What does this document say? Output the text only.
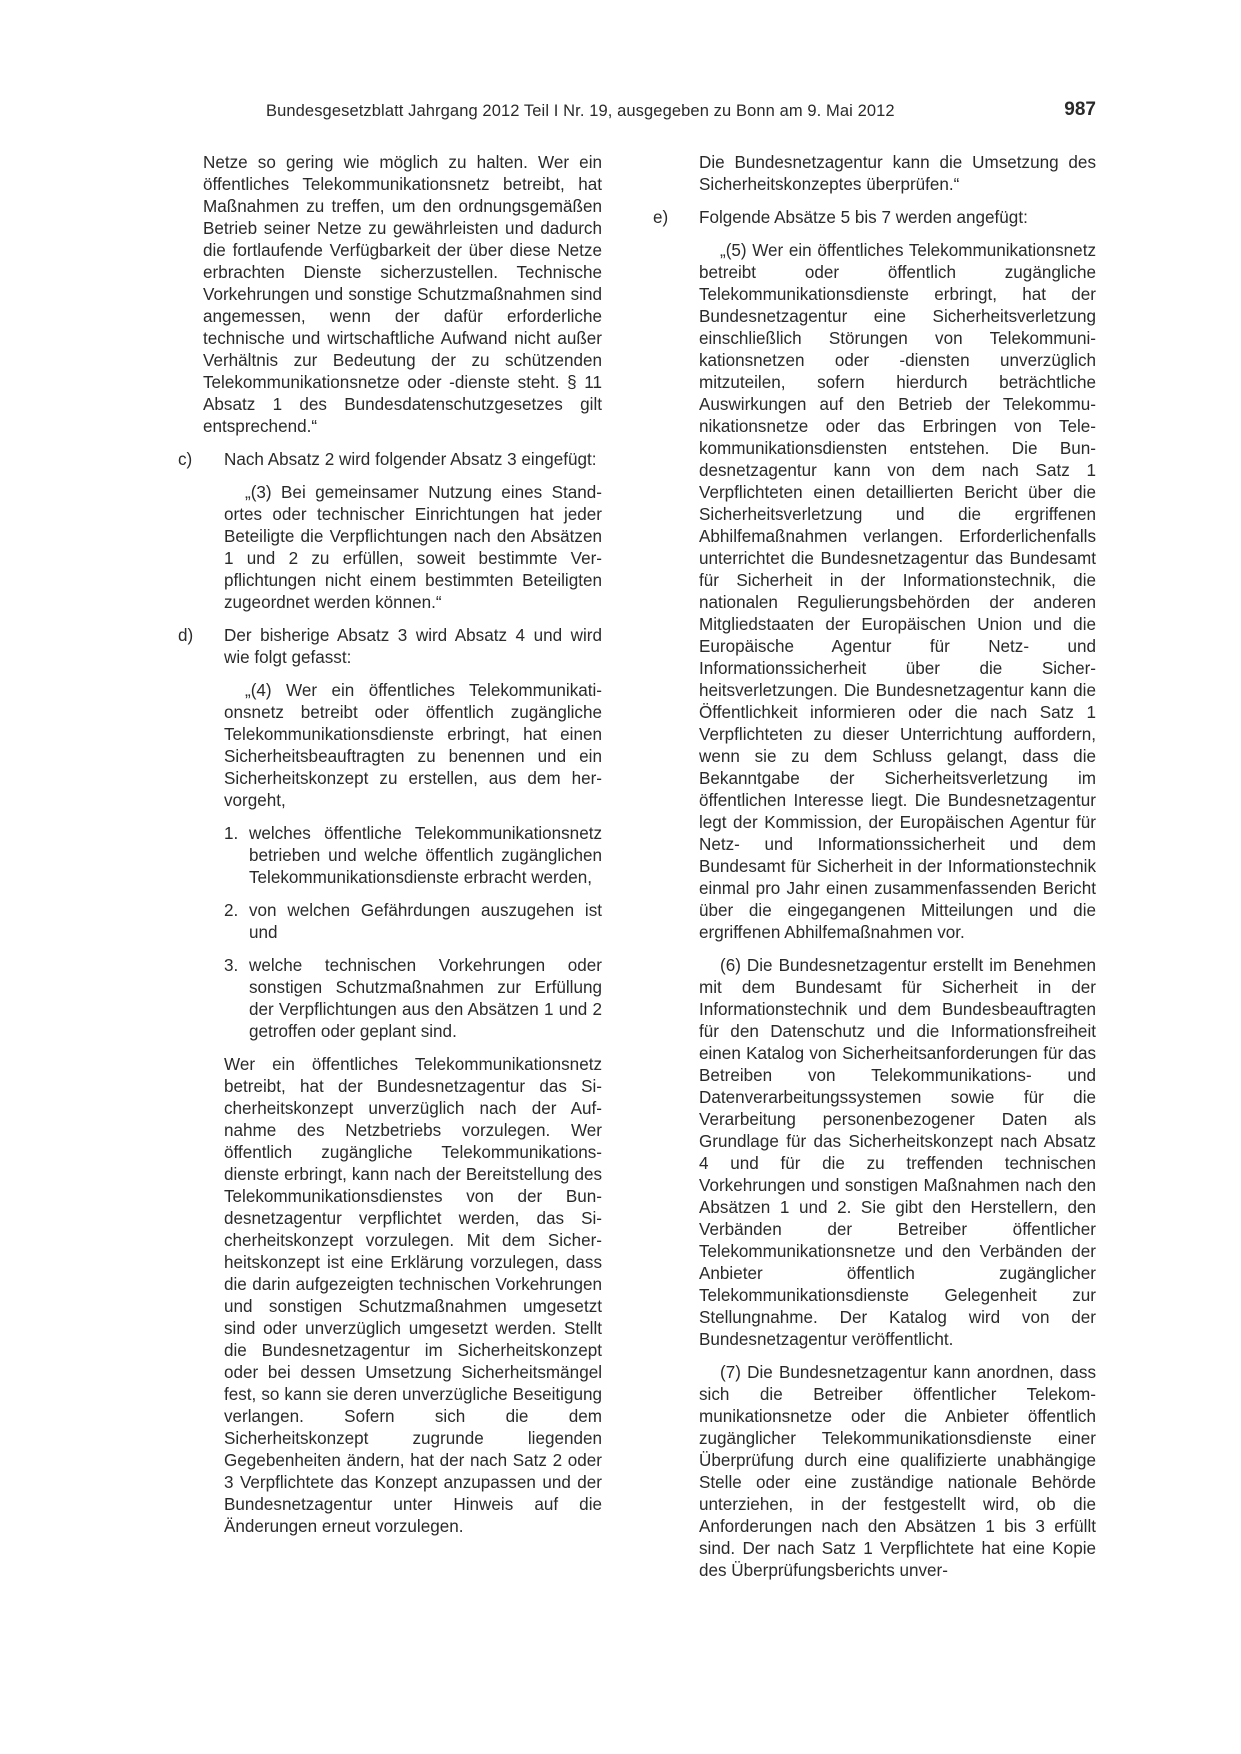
Bundesgesetzblatt Jahrgang 2012 Teil I Nr. 19, ausgegeben zu Bonn am 9. Mai 2012	987

Netze so gering wie möglich zu halten. Wer ein öffentliches Telekommunikationsnetz betreibt, hat Maßnahmen zu treffen, um den ordnungsgemäßen Betrieb seiner Netze zu gewährleisten und dadurch die fortlaufende Verfügbarkeit der über diese Netze erbrachten Dienste sicherzustellen. Technische Vorkehrungen und sonstige Schutzmaßnahmen sind angemessen, wenn der dafür erforderliche technische und wirtschaftliche Aufwand nicht außer Verhältnis zur Bedeutung der zu schützenden Telekommunikationsnetze oder -dienste steht. § 11 Absatz 1 des Bundesdatenschutzgesetzes gilt entsprechend.“

c) Nach Absatz 2 wird folgender Absatz 3 eingefügt:

„(3) Bei gemeinsamer Nutzung eines Standortes oder technischer Einrichtungen hat jeder Beteiligte die Verpflichtungen nach den Absätzen 1 und 2 zu erfüllen, soweit bestimmte Verpflichtungen nicht einem bestimmten Beteiligten zugeordnet werden können.“

d) Der bisherige Absatz 3 wird Absatz 4 und wird wie folgt gefasst:

„(4) Wer ein öffentliches Telekommunikationsnetz betreibt oder öffentlich zugängliche Telekommunikationsdienste erbringt, hat einen Sicherheitsbeauftragten zu benennen und ein Sicherheitskonzept zu erstellen, aus dem hervorgeht,

1. welches öffentliche Telekommunikationsnetz betrieben und welche öffentlich zugänglichen Telekommunikationsdienste erbracht werden,

2. von welchen Gefährdungen auszugehen ist und

3. welche technischen Vorkehrungen oder sonstigen Schutzmaßnahmen zur Erfüllung der Verpflichtungen aus den Absätzen 1 und 2 getroffen oder geplant sind.

Wer ein öffentliches Telekommunikationsnetz betreibt, hat der Bundesnetzagentur das Sicherheitskonzept unverzüglich nach der Aufnahme des Netzbetriebs vorzulegen. Wer öffentlich zugängliche Telekommunikationsdienste erbringt, kann nach der Bereitstellung des Telekommunikationsdienstes von der Bundesnetzagentur verpflichtet werden, das Sicherheitskonzept vorzulegen. Mit dem Sicherheitskonzept ist eine Erklärung vorzulegen, dass die darin aufgezeigten technischen Vorkehrungen und sonstigen Schutzmaßnahmen umgesetzt sind oder unverzüglich umgesetzt werden. Stellt die Bundesnetzagentur im Sicherheitskonzept oder bei dessen Umsetzung Sicherheitsmängel fest, so kann sie deren unverzügliche Beseitigung verlangen. Sofern sich die dem Sicherheitskonzept zugrunde liegenden Gegebenheiten ändern, hat der nach Satz 2 oder 3 Verpflichtete das Konzept anzupassen und der Bundesnetzagentur unter Hinweis auf die Änderungen erneut vorzulegen.

Die Bundesnetzagentur kann die Umsetzung des Sicherheitskonzeptes überprüfen.“

e) Folgende Absätze 5 bis 7 werden angefügt:

„(5) Wer ein öffentliches Telekommunikationsnetz betreibt oder öffentlich zugängliche Telekommunikationsdienste erbringt, hat der Bundesnetzagentur eine Sicherheitsverletzung einschließlich Störungen von Telekommunikationsnetzen oder -diensten unverzüglich mitzuteilen, sofern hierdurch beträchtliche Auswirkungen auf den Betrieb der Telekommunikationsnetze oder das Erbringen von Telekommunikationsdiensten entstehen. Die Bundesnetzagentur kann von dem nach Satz 1 Verpflichteten einen detaillierten Bericht über die Sicherheitsverletzung und die ergriffenen Abhilfemaßnahmen verlangen. Erforderlichenfalls unterrichtet die Bundesnetzagentur das Bundesamt für Sicherheit in der Informationstechnik, die nationalen Regulierungsbehörden der anderen Mitgliedstaaten der Europäischen Union und die Europäische Agentur für Netz- und Informationssicherheit über die Sicherheitsverletzungen. Die Bundesnetzagentur kann die Öffentlichkeit informieren oder die nach Satz 1 Verpflichteten zu dieser Unterrichtung auffordern, wenn sie zu dem Schluss gelangt, dass die Bekanntgabe der Sicherheitsverletzung im öffentlichen Interesse liegt. Die Bundesnetzagentur legt der Kommission, der Europäischen Agentur für Netz- und Informationssicherheit und dem Bundesamt für Sicherheit in der Informationstechnik einmal pro Jahr einen zusammenfassenden Bericht über die eingegangenen Mitteilungen und die ergriffenen Abhilfemaßnahmen vor.

(6) Die Bundesnetzagentur erstellt im Benehmen mit dem Bundesamt für Sicherheit in der Informationstechnik und dem Bundesbeauftragten für den Datenschutz und die Informationsfreiheit einen Katalog von Sicherheitsanforderungen für das Betreiben von Telekommunikations- und Datenverarbeitungssystemen sowie für die Verarbeitung personenbezogener Daten als Grundlage für das Sicherheitskonzept nach Absatz 4 und für die zu treffenden technischen Vorkehrungen und sonstigen Maßnahmen nach den Absätzen 1 und 2. Sie gibt den Herstellern, den Verbänden der Betreiber öffentlicher Telekommunikationsnetze und den Verbänden der Anbieter öffentlich zugänglicher Telekommunikationsdienste Gelegenheit zur Stellungnahme. Der Katalog wird von der Bundesnetzagentur veröffentlicht.

(7) Die Bundesnetzagentur kann anordnen, dass sich die Betreiber öffentlicher Telekommunikationsnetze oder die Anbieter öffentlich zugänglicher Telekommunikationsdienste einer Überprüfung durch eine qualifizierte unabhängige Stelle oder eine zuständige nationale Behörde unterziehen, in der festgestellt wird, ob die Anforderungen nach den Absätzen 1 bis 3 erfüllt sind. Der nach Satz 1 Verpflichtete hat eine Kopie des Überprüfungsberichts unver-
